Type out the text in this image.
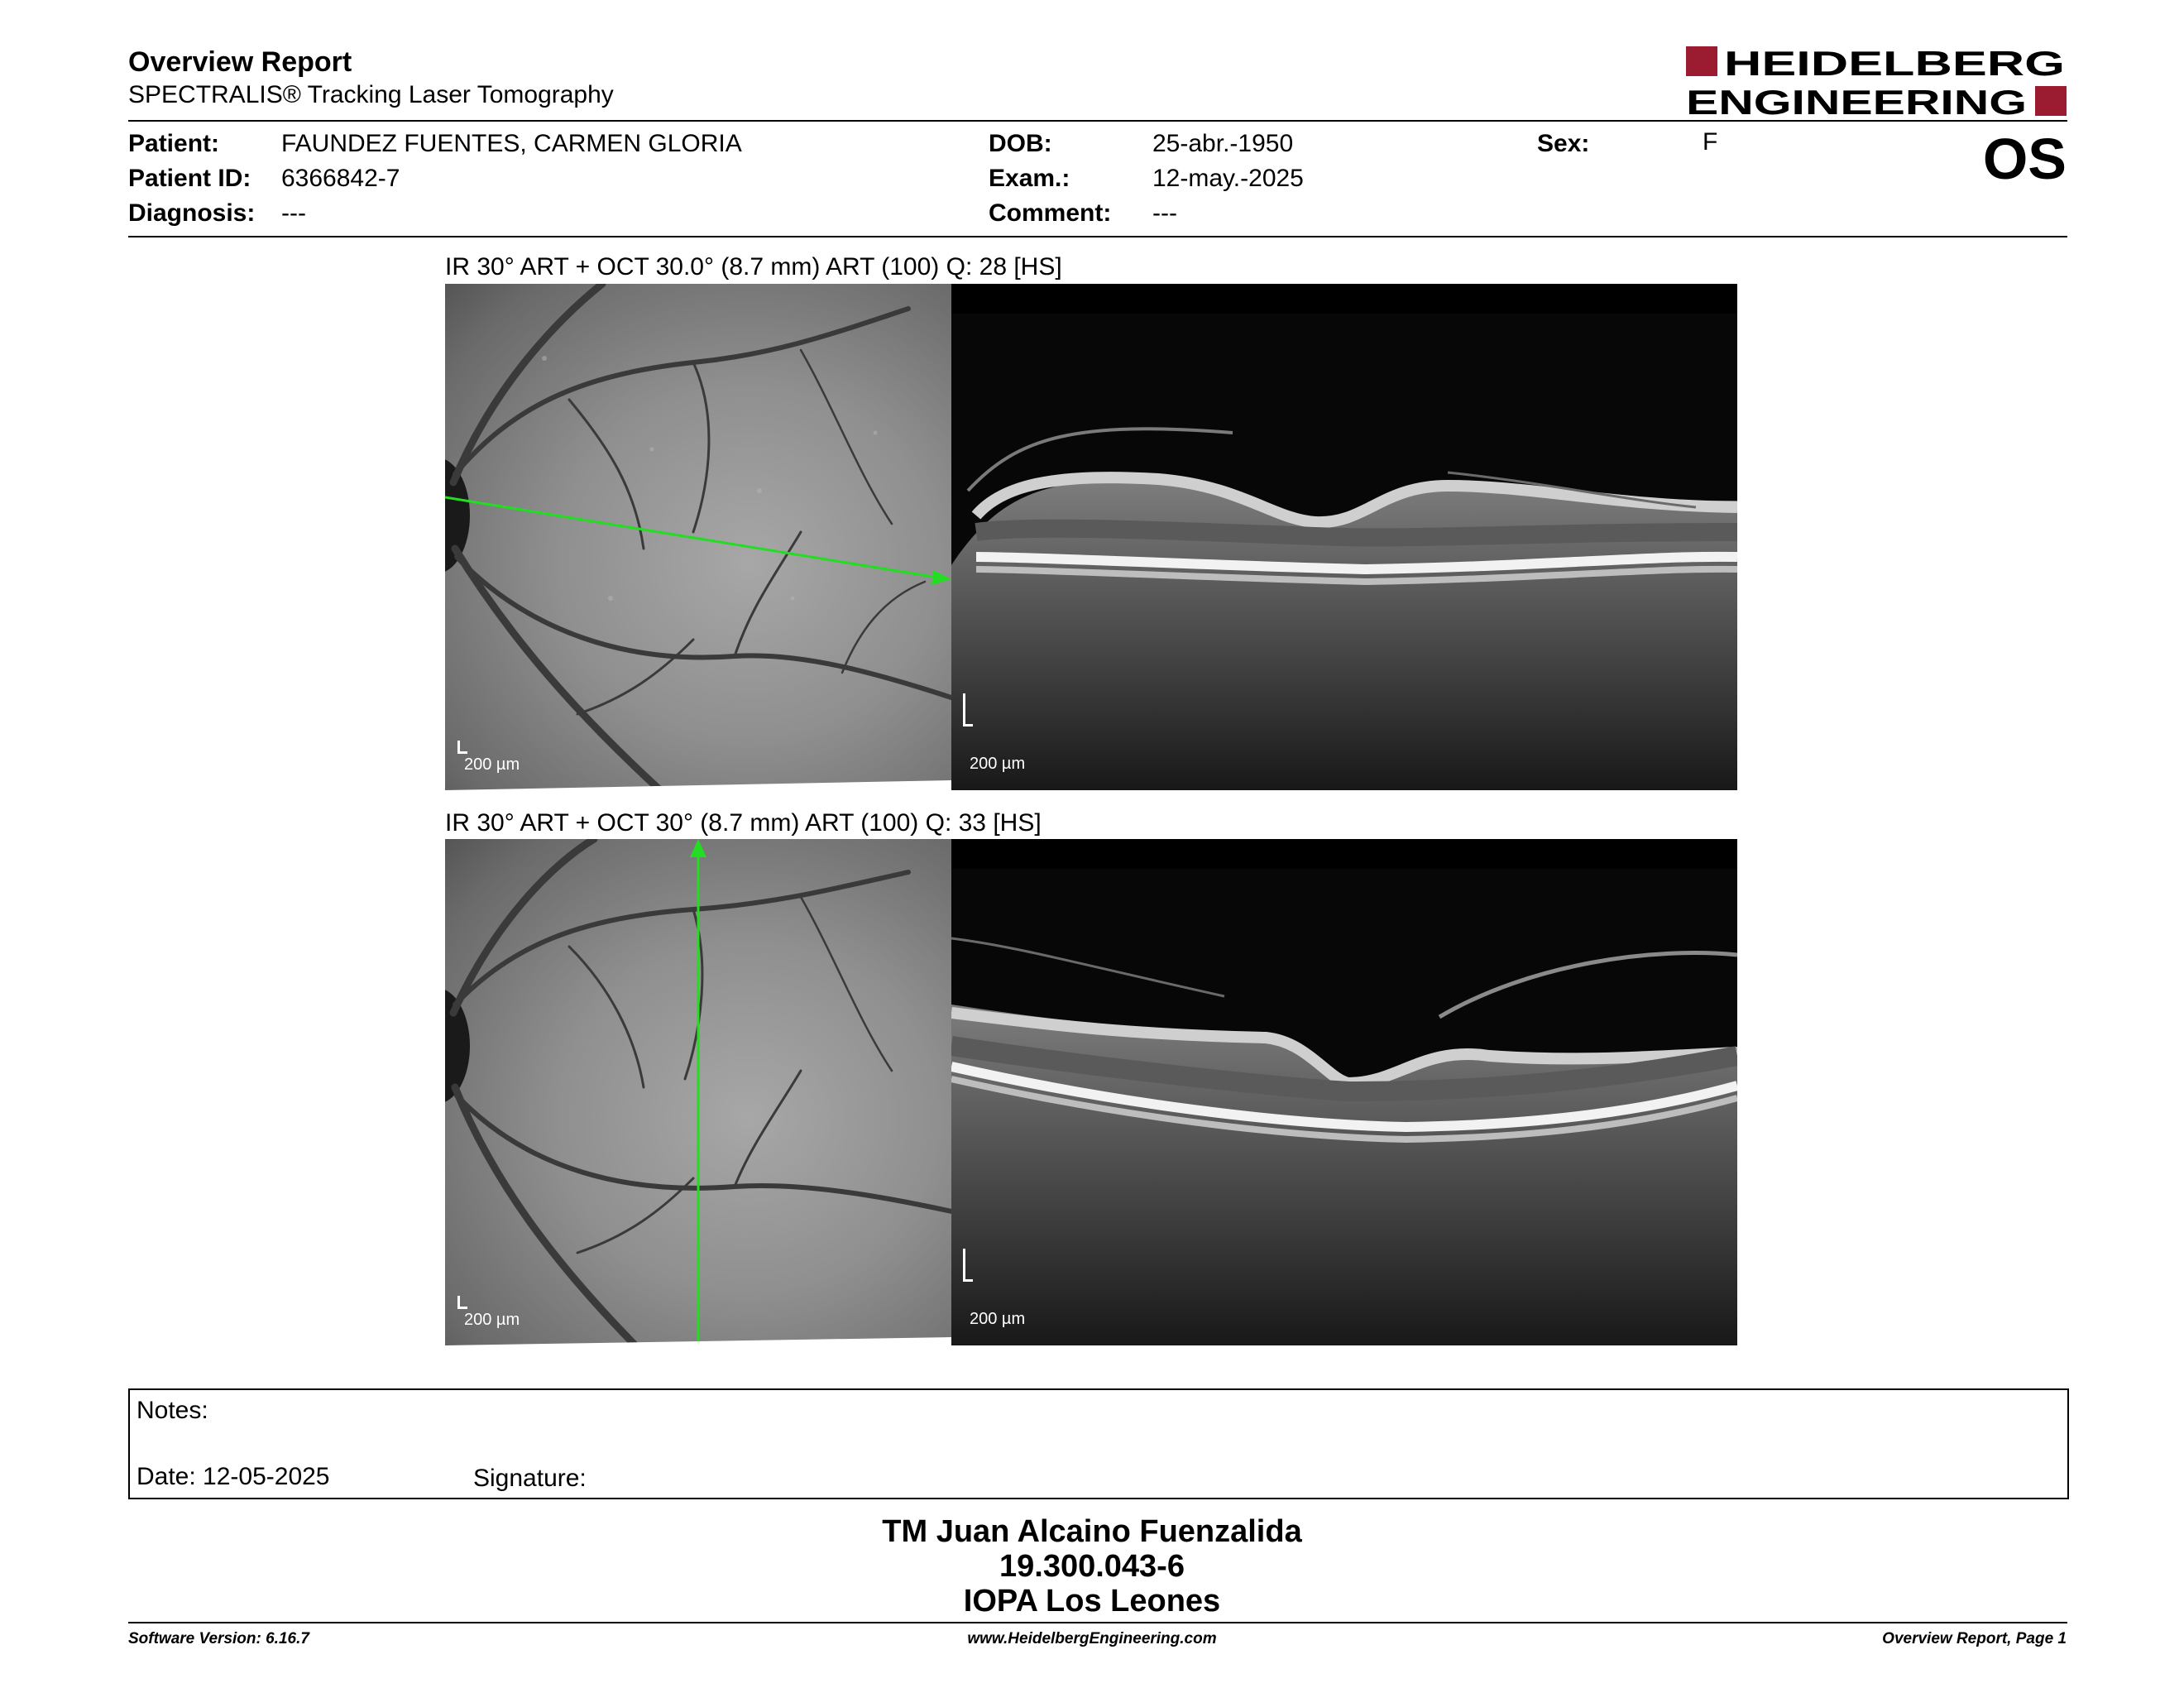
Overview Report
SPECTRALIS® Tracking Laser Tomography
HEIDELBERG
ENGINEERING
Patient: FAUNDEZ FUENTES, CARMEN GLORIA
Patient ID: 6366842-7
Diagnosis: ---
DOB:	25-abr.-1950
Exam.:	12-may.-2025
Comment: ---
Sex:	F	OS
IR 30° ART + OCT 30.0° (8.7 mm) ART (100) Q: 28 [HS]
200 µm	200 µm
IR 30° ART + OCT 30° (8.7 mm) ART (100) Q: 33 [HS]
200 µm	200 µm
Notes:
Date: 12-05-2025	Signature:
TM Juan Alcaino Fuenzalida
19.300.043-6
IOPA Los Leones
Software Version: 6.16.7	www.HeidelbergEngineering.com	Overview Report, Page 1
